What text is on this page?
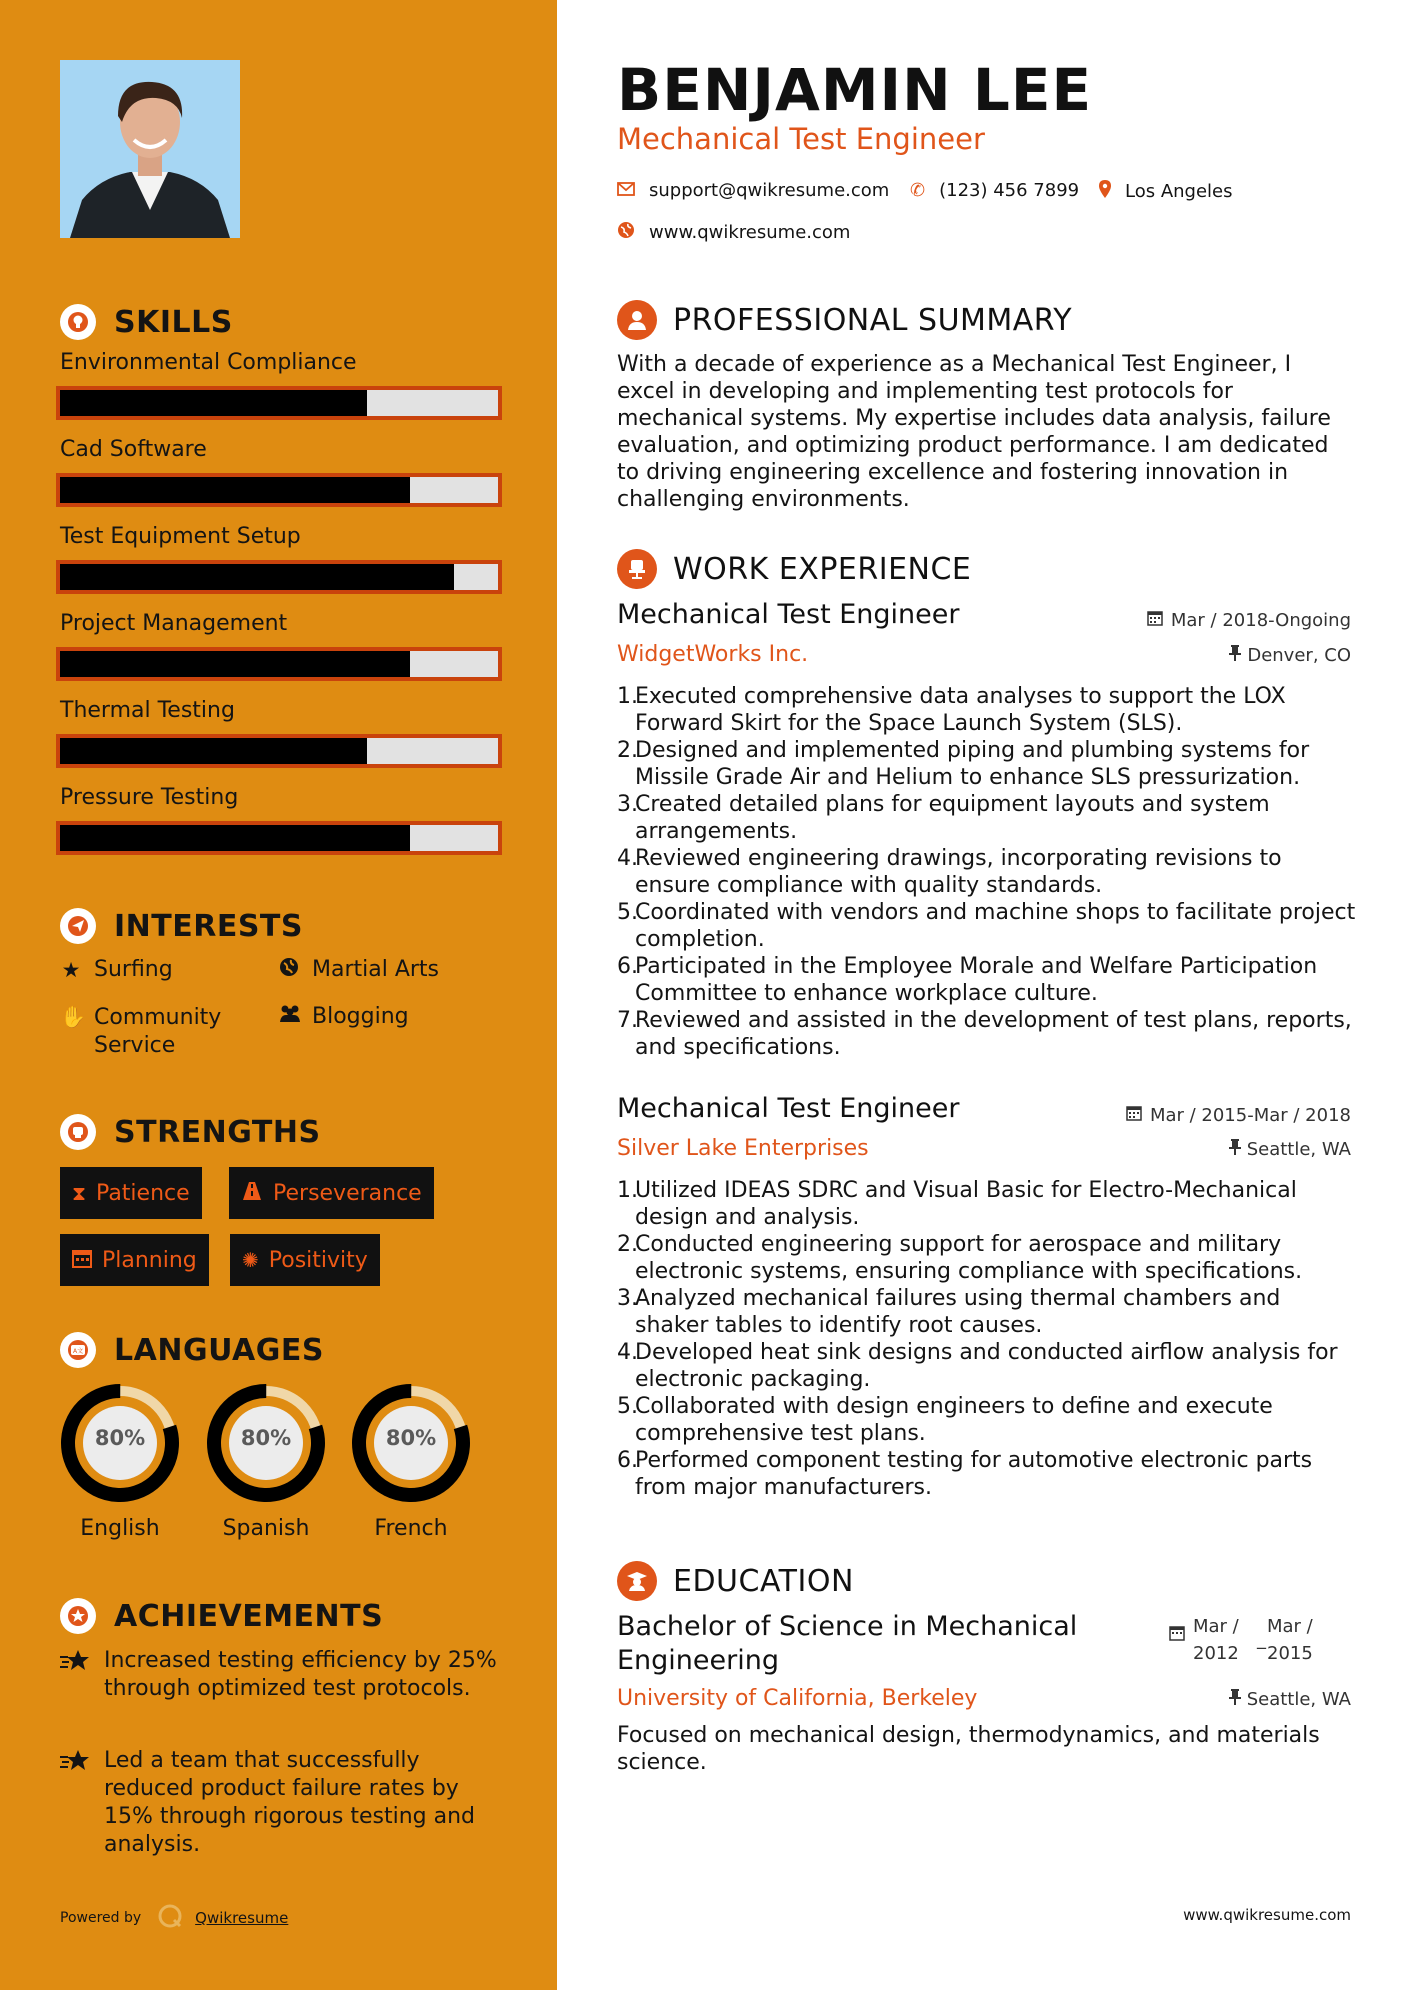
SKILLS
Environmental Compliance
Cad Software
Test Equipment Setup
Project Management
Thermal Testing
Pressure Testing
INTERESTS
★ Surfing	Martial Arts
✋ Community Service
Blogging
STRENGTHS
⧗ Patience	Perseverance
Planning ✺ Positivity
A文 LANGUAGES
80%
English
80%
Spanish
80%
French
ACHIEVEMENTS
Increased testing efficiency by 25% through optimized test protocols.
Led a team that successfully reduced product failure rates by 15% through rigorous testing and analysis.
Powered by	Qwikresume
BENJAMIN LEE
Mechanical Test Engineer
support@qwikresume.com ✆ (123) 456 7899	Los Angeles
www.qwikresume.com
PROFESSIONAL SUMMARY
With a decade of experience as a Mechanical Test Engineer, I excel in developing and implementing test protocols for mechanical systems. My expertise includes data analysis, failure evaluation, and optimizing product performance. I am dedicated to driving engineering excellence and fostering innovation in challenging environments.
WORK EXPERIENCE
Mechanical Test Engineer	Mar / 2018-Ongoing
WidgetWorks Inc.	Denver, CO
1.
Executed comprehensive data analyses to support the LOX Forward Skirt for the Space Launch System (SLS).
2.
Designed and implemented piping and plumbing systems for Missile Grade Air and Helium to enhance SLS pressurization.
3.
Created detailed plans for equipment layouts and system arrangements.
4.
Reviewed engineering drawings, incorporating revisions to ensure compliance with quality standards.
5.
Coordinated with vendors and machine shops to facilitate project completion.
6.
Participated in the Employee Morale and Welfare Participation Committee to enhance workplace culture.
7.
Reviewed and assisted in the development of test plans, reports, and specifications.
Mechanical Test Engineer	Mar / 2015-Mar / 2018
Silver Lake Enterprises	Seattle, WA
1.
Utilized IDEAS SDRC and Visual Basic for Electro-Mechanical design and analysis.
2.
Conducted engineering support for aerospace and military electronic systems, ensuring compliance with specifications.
3.
Analyzed mechanical failures using thermal chambers and shaker tables to identify root causes.
4.
Developed heat sink designs and conducted airflow analysis for electronic packaging.
5.
Collaborated with design engineers to define and execute comprehensive test plans.
6.
Performed component testing for automotive electronic parts from major manufacturers.
EDUCATION
Bachelor of Science in Mechanical Engineering
Mar / 2012
_
Mar / 2015
University of California, Berkeley	Seattle, WA
Focused on mechanical design, thermodynamics, and materials science.
www.qwikresume.com
